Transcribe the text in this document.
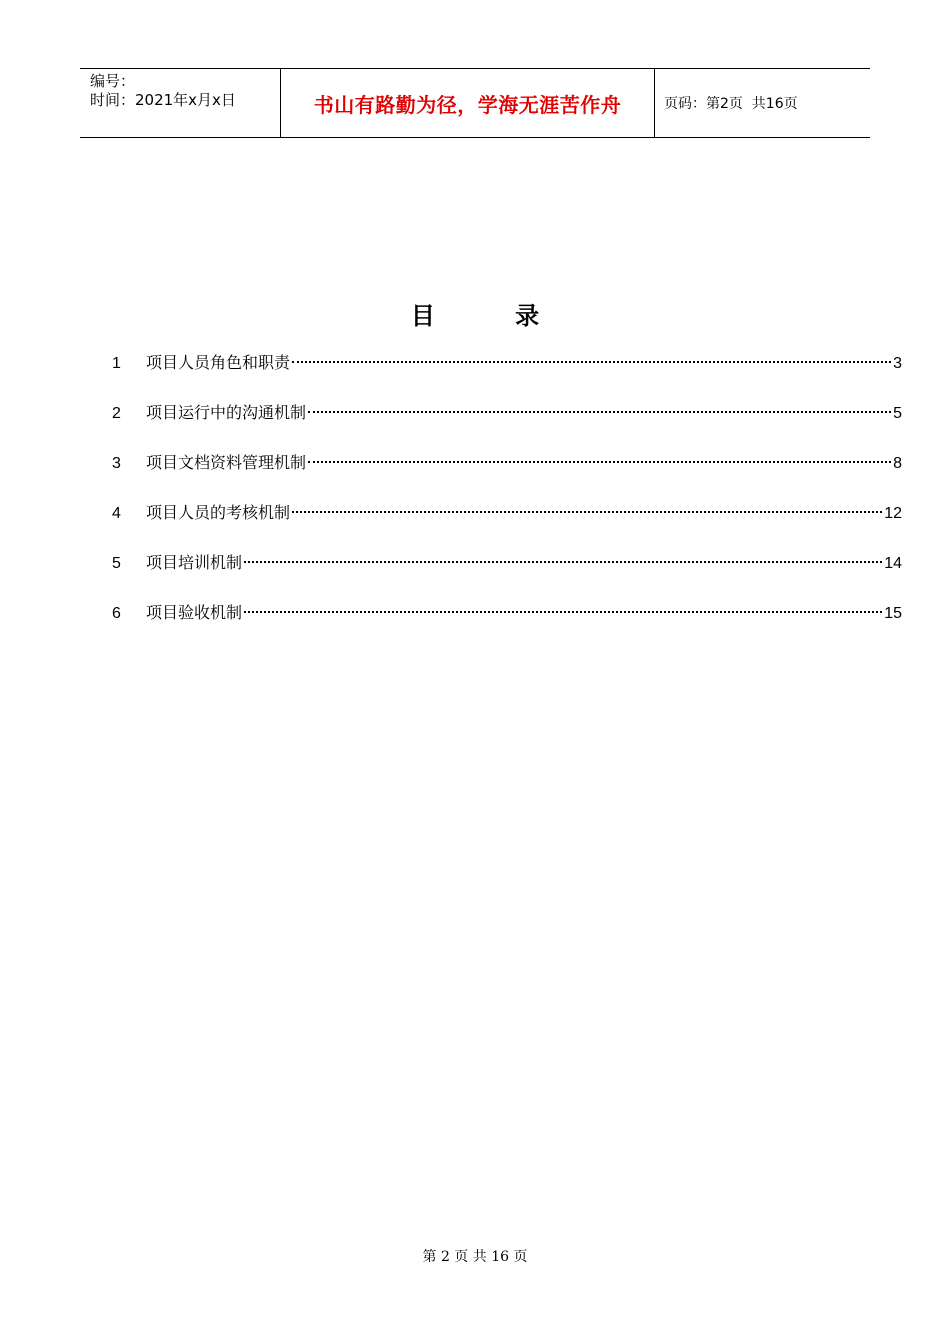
编号：
时间：2021年x月x日	书山有路勤为径，学海无涯苦作舟	页码：第2页  共16页
目 录
1	项目人员角色和职责	3
2	项目运行中的沟通机制	5
3	项目文档资料管理机制	8
4	项目人员的考核机制	12
5	项目培训机制	14
6	项目验收机制	15
第 2 页 共 16 页
